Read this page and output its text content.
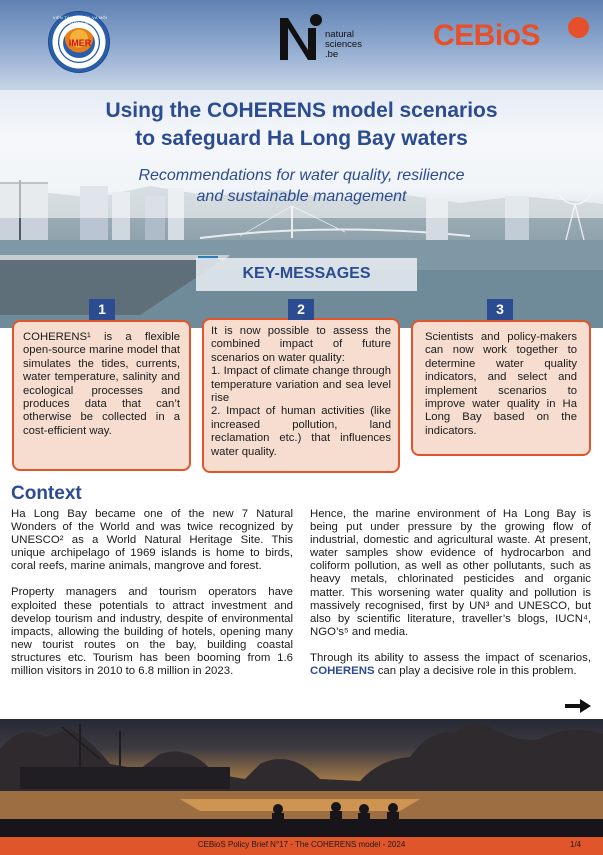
VIỆN TÀI NGUYÊN VÀ MÔI TRƯỜNG BIỂN
IMER
natural
sciences
.be
CEBioS
Using the COHERENS model scenarios
to safeguard Ha Long Bay waters
Recommendations for water quality, resilience
and sustainable management
KEY-MESSAGES
1	2	3

COHERENS¹ is a flexible open-source marine model that simulates the tides, currents, water temperature, salinity and ecological processes and produces data that can’t otherwise be collected in a cost-efficient way.

It is now possible to assess the combined impact of future scenarios on water quality:

1. Impact of climate change through temperature variation and sea level rise

2. Impact of human activities (like increased pollution, land reclamation etc.) that influences water quality.

Scientists and policy-makers can now work together to determine water quality indicators, and select and implement scenarios to improve water quality in Ha Long Bay based on the indicators.

Context

Ha Long Bay became one of the new 7 Natural Wonders of the World and was twice recognized by UNESCO² as a World Natural Heritage Site. This unique archipelago of 1969 islands is home to birds, coral reefs, marine animals, mangrove and forest.

Property managers and tourism operators have exploited these potentials to attract investment and develop tourism and industry, despite of environmental impacts, allowing the building of hotels, opening many new tourist routes on the bay, building coastal structures etc. Tourism has been booming from 1.6 million visitors in 2010 to 6.8 million in 2023.

Hence, the marine environment of Ha Long Bay is being put under pressure by the growing flow of industrial, domestic and agricultural waste. At present, water samples show evidence of hydrocarbon and coliform pollution, as well as other pollutants, such as heavy metals, chlorinated pesticides and organic matter. This worsening water quality and pollution is massively recognised, first by UN³ and UNESCO, but also by scientific literature, traveller’s blogs, IUCN⁴, NGO’s⁵ and media.

Through its ability to assess the impact of scenarios, COHERENS can play a decisive role in this problem.

CEBioS Policy Brief N°17 - The COHERENS model - 2024	1/4
